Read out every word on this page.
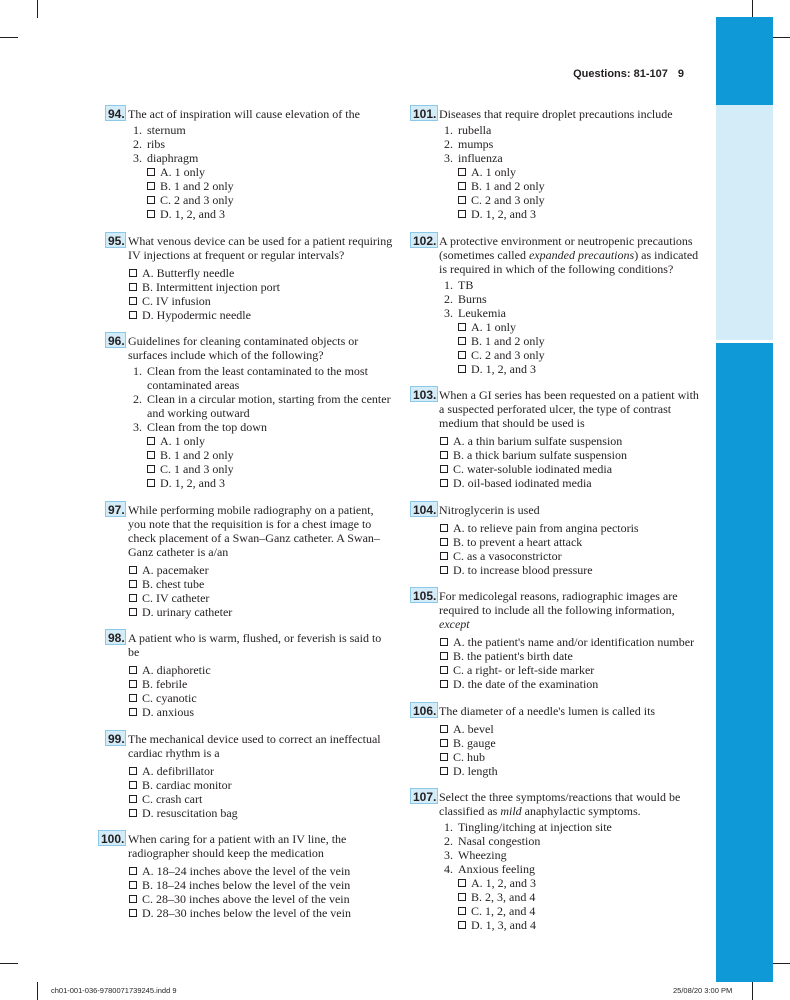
Questions: 81-107 9
94. The act of inspiration will cause elevation of the
1. sternum
2. ribs
3. diaphragm
A. 1 only
B. 1 and 2 only
C. 2 and 3 only
D. 1, 2, and 3
95. What venous device can be used for a patient requiring IV injections at frequent or regular intervals?
A. Butterfly needle
B. Intermittent injection port
C. IV infusion
D. Hypodermic needle
96. Guidelines for cleaning contaminated objects or surfaces include which of the following?
1. Clean from the least contaminated to the most contaminated areas
2. Clean in a circular motion, starting from the center and working outward
3. Clean from the top down
A. 1 only
B. 1 and 2 only
C. 1 and 3 only
D. 1, 2, and 3
97. While performing mobile radiography on a patient, you note that the requisition is for a chest image to check placement of a Swan–Ganz catheter. A Swan–Ganz catheter is a/an
A. pacemaker
B. chest tube
C. IV catheter
D. urinary catheter
98. A patient who is warm, flushed, or feverish is said to be
A. diaphoretic
B. febrile
C. cyanotic
D. anxious
99. The mechanical device used to correct an ineffectual cardiac rhythm is a
A. defibrillator
B. cardiac monitor
C. crash cart
D. resuscitation bag
100. When caring for a patient with an IV line, the radiographer should keep the medication
A. 18–24 inches above the level of the vein
B. 18–24 inches below the level of the vein
C. 28–30 inches above the level of the vein
D. 28–30 inches below the level of the vein
101. Diseases that require droplet precautions include
1. rubella
2. mumps
3. influenza
A. 1 only
B. 1 and 2 only
C. 2 and 3 only
D. 1, 2, and 3
102. A protective environment or neutropenic precautions (sometimes called expanded precautions) as indicated is required in which of the following conditions?
1. TB
2. Burns
3. Leukemia
A. 1 only
B. 1 and 2 only
C. 2 and 3 only
D. 1, 2, and 3
103. When a GI series has been requested on a patient with a suspected perforated ulcer, the type of contrast medium that should be used is
A. a thin barium sulfate suspension
B. a thick barium sulfate suspension
C. water-soluble iodinated media
D. oil-based iodinated media
104. Nitroglycerin is used
A. to relieve pain from angina pectoris
B. to prevent a heart attack
C. as a vasoconstrictor
D. to increase blood pressure
105. For medicolegal reasons, radiographic images are required to include all the following information, except
A. the patient's name and/or identification number
B. the patient's birth date
C. a right- or left-side marker
D. the date of the examination
106. The diameter of a needle's lumen is called its
A. bevel
B. gauge
C. hub
D. length
107. Select the three symptoms/reactions that would be classified as mild anaphylactic symptoms.
1. Tingling/itching at injection site
2. Nasal congestion
3. Wheezing
4. Anxious feeling
A. 1, 2, and 3
B. 2, 3, and 4
C. 1, 2, and 4
D. 1, 3, and 4
ch01-001-036-9780071739245.indd 9	25/08/20 3:00 PM
